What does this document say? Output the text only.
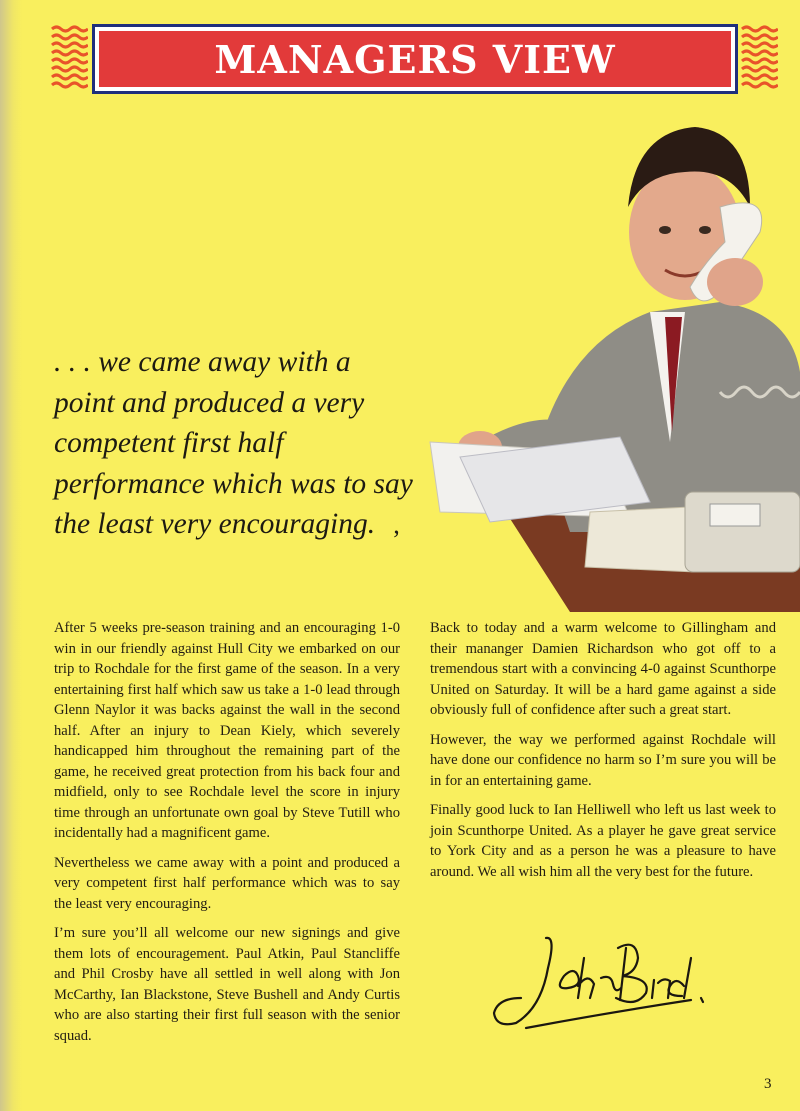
MANAGERS VIEW
. . . we came away with a point and produced a very competent first half performance which was to say the least very encouraging. ’

After 5 weeks pre-season training and an encouraging 1-0 win in our friendly against Hull City we embarked on our trip to Rochdale for the first game of the season. In a very entertaining first half which saw us take a 1-0 lead through Glenn Naylor it was backs against the wall in the second half. After an injury to Dean Kiely, which severely handicapped him throughout the remaining part of the game, he received great protection from his back four and midfield, only to see Rochdale level the score in injury time through an unfortunate own goal by Steve Tutill who incidentally had a magnificent game.

Nevertheless we came away with a point and produced a very competent first half performance which was to say the least very encouraging.

I’m sure you’ll all welcome our new signings and give them lots of encouragement. Paul Atkin, Paul Stancliffe and Phil Crosby have all settled in well along with Jon McCarthy, Ian Blackstone, Steve Bushell and Andy Curtis who are also starting their first full season with the senior squad.

Back to today and a warm welcome to Gillingham and their mananger Damien Richardson who got off to a tremendous start with a convincing 4-0 against Scunthorpe United on Saturday. It will be a hard game against a side obviously full of confidence after such a great start.

However, the way we performed against Rochdale will have done our confidence no harm so I’m sure you will be in for an entertaining game.

Finally good luck to Ian Helliwell who left us last week to join Scunthorpe United. As a player he gave great service to York City and as a person he was a pleasure to have around. We all wish him all the very best for the future.

3
